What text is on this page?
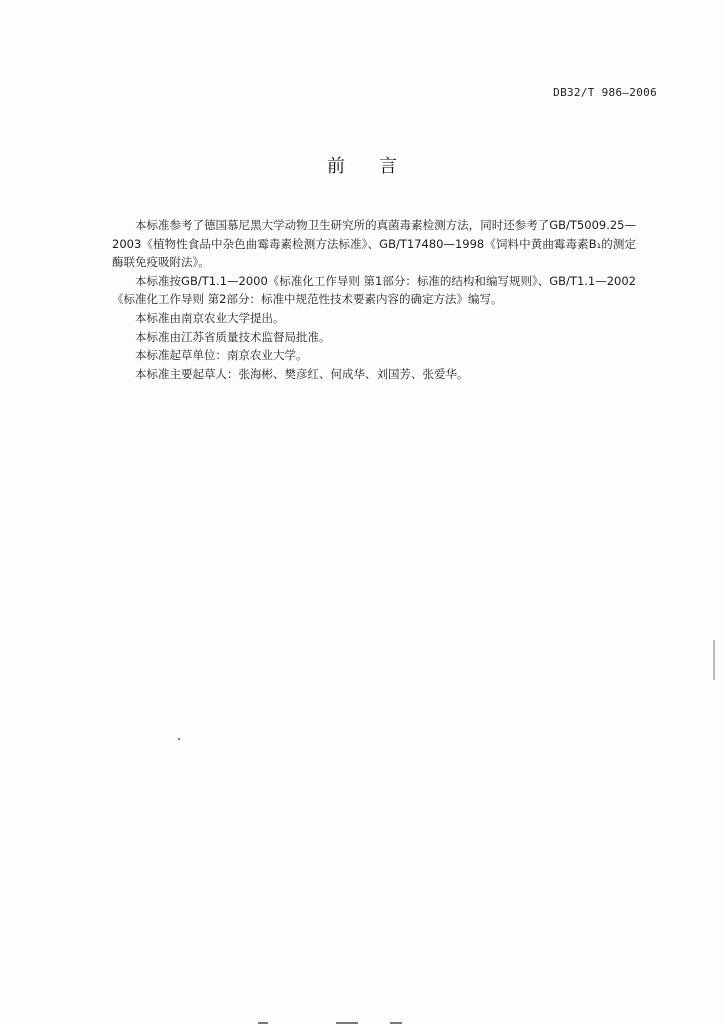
DB32/T 986—2006
前言

本标准参考了德国慕尼黑大学动物卫生研究所的真菌毒素检测方法，同时还参考了GB/T5009.25—2003《植物性食品中杂色曲霉毒素检测方法标准》、GB/T17480—1998《饲料中黄曲霉毒素B₁的测定 酶联免疫吸附法》。

本标准按GB/T1.1—2000《标准化工作导则 第1部分：标准的结构和编写规则》、GB/T1.1—2002《标准化工作导则 第2部分：标准中规范性技术要素内容的确定方法》编写。

本标准由南京农业大学提出。

本标准由江苏省质量技术监督局批准。

本标准起草单位：南京农业大学。

本标准主要起草人：张海彬、樊彦红、何成华、刘国芳、张爱华。
